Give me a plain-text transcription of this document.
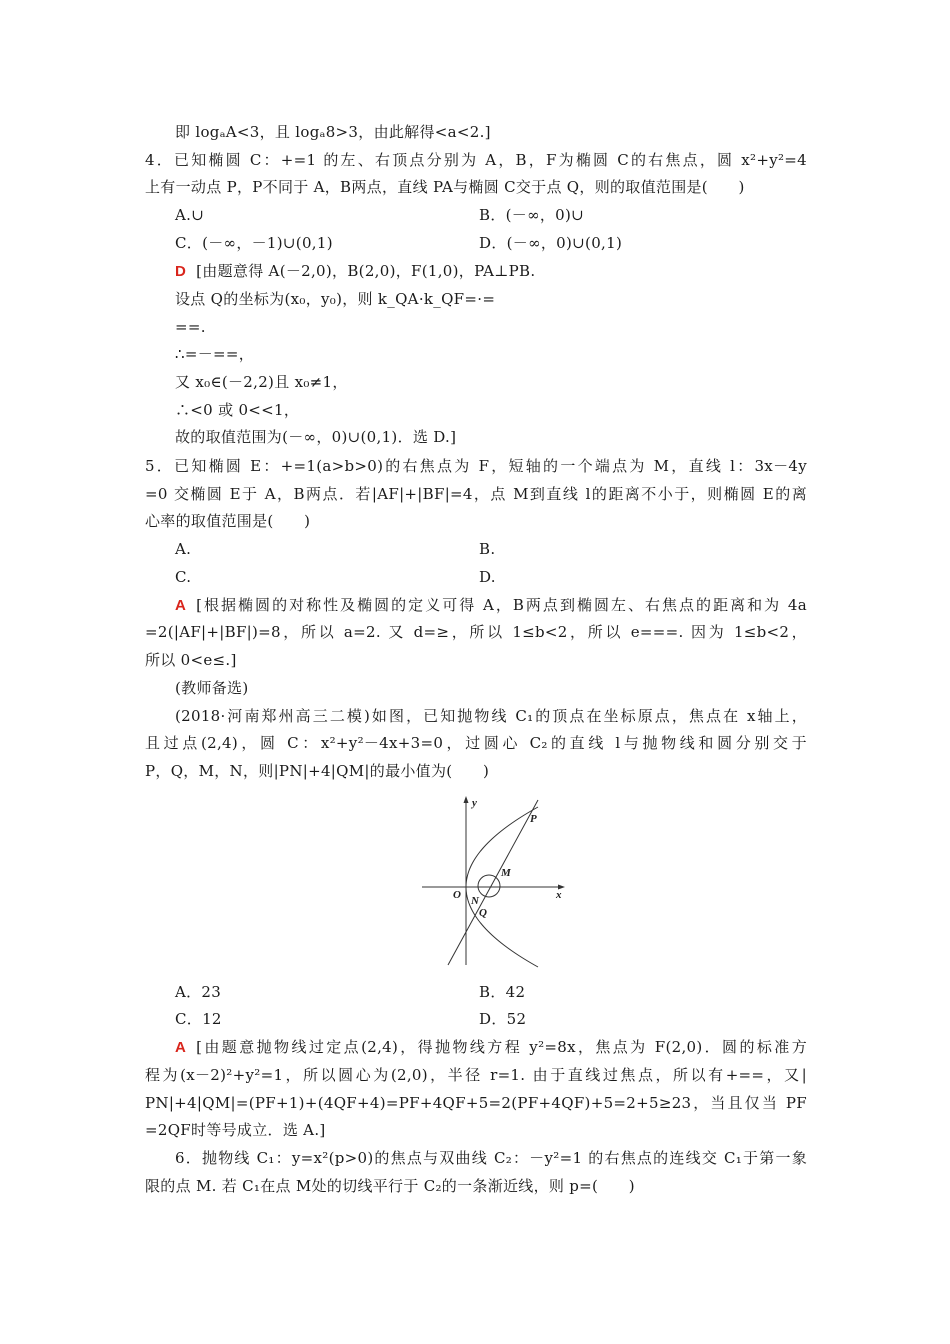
即 logₐA<3，且 logₐ8>3，由此解得<a<2.]
4．已知椭圆 C：+=1 的左、右顶点分别为 A，B，F为椭圆 C的右焦点，圆 x²+y²=4
上有一动点 P，P不同于 A，B两点，直线 PA与椭圆 C交于点 Q，则的取值范围是(　　)
A.∪	B．(－∞，0)∪
C．(－∞，－1)∪(0,1)	D．(－∞，0)∪(0,1)
D [由题意得 A(－2,0)，B(2,0)，F(1,0)，PA⊥PB.
设点 Q的坐标为(x₀，y₀)，则 k_QA·k_QF=·=
==.
∴=－==，
又 x₀∈(－2,2)且 x₀≠1，
∴<0 或 0<<1，
故的取值范围为(－∞，0)∪(0,1)．选 D.]
5．已知椭圆 E：+=1(a>b>0)的右焦点为 F，短轴的一个端点为 M，直线 l：3x－4y
=0 交椭圆 E于 A，B两点．若|AF|+|BF|=4，点 M到直线 l的距离不小于，则椭圆 E的离
心率的取值范围是(　　)
A.	B.
C.	D.
A [根据椭圆的对称性及椭圆的定义可得 A，B两点到椭圆左、右焦点的距离和为 4a
=2(|AF|+|BF|)=8，所以 a=2. 又 d=≥，所以 1≤b<2，所以 e===. 因为 1≤b<2，
所以 0<e≤.]
(教师备选)
(2018·河南郑州高三二模)如图，已知抛物线 C₁的顶点在坐标原点，焦点在 x轴上，
且过点(2,4)，圆 C：x²+y²－4x+3=0，过圆心 C₂的直线 l与抛物线和圆分别交于
P，Q，M，N，则|PN|+4|QM|的最小值为(　　)
y
x
O
P
M
N
Q
A．23	B．42
C．12	D．52
A [由题意抛物线过定点(2,4)，得抛物线方程 y²=8x，焦点为 F(2,0)．圆的标准方
程为(x－2)²+y²=1，所以圆心为(2,0)，半径 r=1. 由于直线过焦点，所以有+==，又|
PN|+4|QM|=(PF+1)+(4QF+4)=PF+4QF+5=2(PF+4QF)+5=2+5≥23，当且仅当 PF
=2QF时等号成立．选 A.]
6．抛物线 C₁：y=x²(p>0)的焦点与双曲线 C₂：－y²=1 的右焦点的连线交 C₁于第一象
限的点 M. 若 C₁在点 M处的切线平行于 C₂的一条渐近线，则 p=(　　)
